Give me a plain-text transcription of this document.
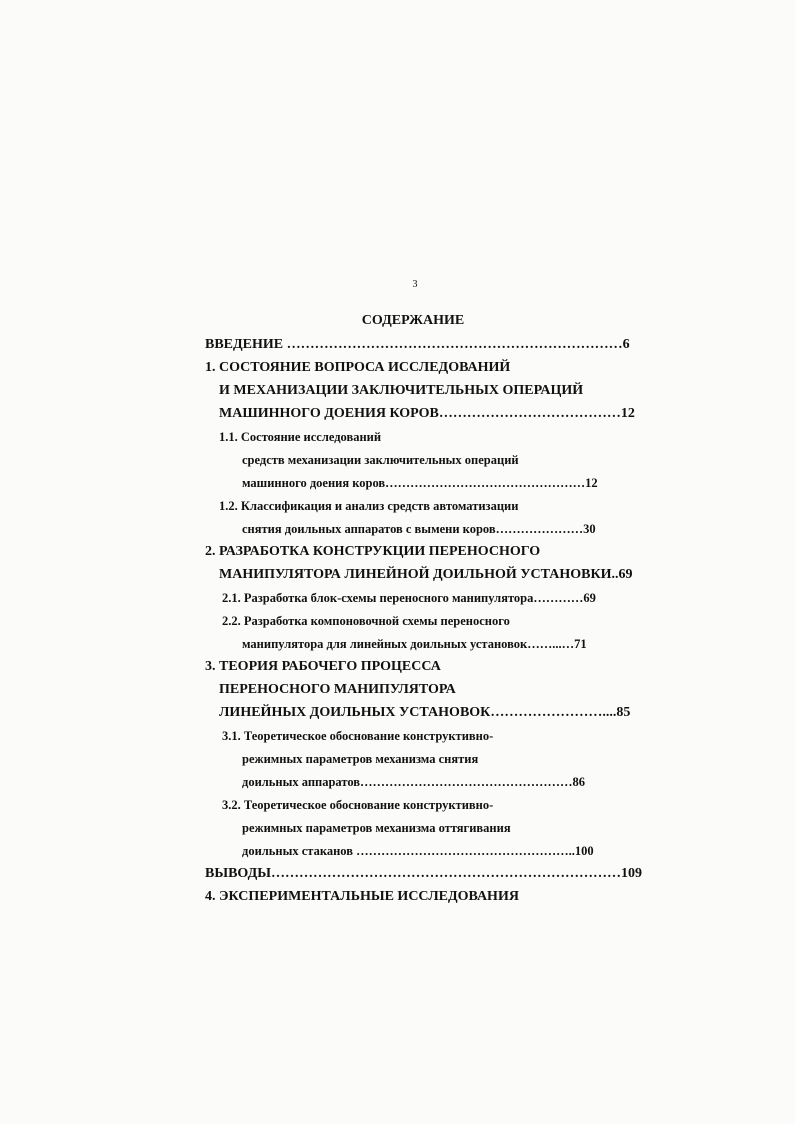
3
СОДЕРЖАНИЕ
ВВЕДЕНИЕ ………………………………………………………………6
1. СОСТОЯНИЕ ВОПРОСА ИССЛЕДОВАНИЙ
И МЕХАНИЗАЦИИ ЗАКЛЮЧИТЕЛЬНЫХ ОПЕРАЦИЙ
МАШИННОГО ДОЕНИЯ КОРОВ…………………………………12
1.1. Состояние исследований
средств механизации заключительных операций
машинного доения коров…………………………………………12
1.2. Классификация и анализ средств автоматизации
снятия доильных аппаратов с вымени коров…………………30
2. РАЗРАБОТКА КОНСТРУКЦИИ ПЕРЕНОСНОГО
МАНИПУЛЯТОРА ЛИНЕЙНОЙ ДОИЛЬНОЙ УСТАНОВКИ..69
2.1. Разработка блок-схемы переносного манипулятора…………69
2.2. Разработка компоновочной схемы переносного
манипулятора для линейных доильных установок……...…71
3. ТЕОРИЯ РАБОЧЕГО ПРОЦЕССА
ПЕРЕНОСНОГО МАНИПУЛЯТОРА
ЛИНЕЙНЫХ ДОИЛЬНЫХ УСТАНОВОК……………………....85
3.1. Теоретическое обоснование конструктивно-
режимных параметров механизма снятия
доильных аппаратов……………………………………………86
3.2. Теоретическое обоснование конструктивно-
режимных параметров механизма оттягивания
доильных стаканов ……………………………………………..100
ВЫВОДЫ…………………………………………………………………109
4. ЭКСПЕРИМЕНТАЛЬНЫЕ ИССЛЕДОВАНИЯ
